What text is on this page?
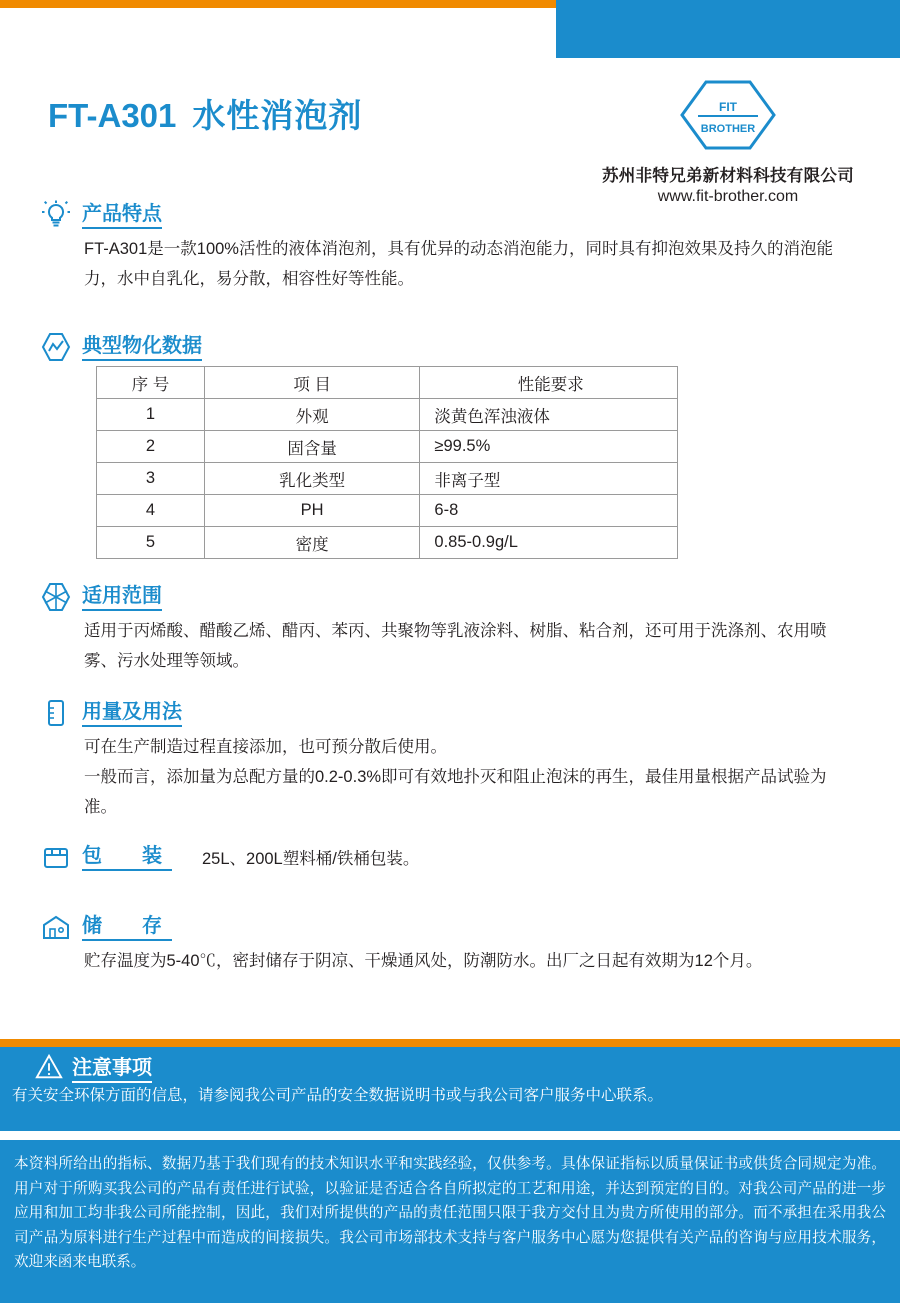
FT-A301 水性消泡剂	FIT
BROTHER
苏州非特兄弟新材料科技有限公司
www.fit-brother.com
产品特点
FT-A301是一款100%活性的液体消泡剂，具有优异的动态消泡能力，同时具有抑泡效果及持久的消泡能力，水中自乳化，易分散，相容性好等性能。
典型物化数据
序 号	项 目	性能要求
1	外观	淡黄色浑浊液体
2	固含量	≥99.5%
3	乳化类型	非离子型
4	PH	6-8
5	密度	0.85-0.9g/L
适用范围
适用于丙烯酸、醋酸乙烯、醋丙、苯丙、共聚物等乳液涂料、树脂、粘合剂，还可用于洗涤剂、农用喷雾、污水处理等领域。
用量及用法
可在生产制造过程直接添加，也可预分散后使用。
一般而言，添加量为总配方量的0.2-0.3%即可有效地扑灭和阻止泡沫的再生，最佳用量根据产品试验为准。
包　装 25L、200L塑料桶/铁桶包装。
储　存
贮存温度为5-40℃，密封储存于阴凉、干燥通风处，防潮防水。出厂之日起有效期为12个月。
注意事项
有关安全环保方面的信息，请参阅我公司产品的安全数据说明书或与我公司客户服务中心联系。
本资料所给出的指标、数据乃基于我们现有的技术知识水平和实践经验，仅供参考。具体保证指标以质量保证书或供货合同规定为准。用户对于所购买我公司的产品有责任进行试验，以验证是否适合各自所拟定的工艺和用途，并达到预定的目的。对我公司产品的进一步应用和加工均非我公司所能控制，因此，我们对所提供的产品的责任范围只限于我方交付且为贵方所使用的部分。而不承担在采用我公司产品为原料进行生产过程中而造成的间接损失。我公司市场部技术支持与客户服务中心愿为您提供有关产品的咨询与应用技术服务，欢迎来函来电联系。
